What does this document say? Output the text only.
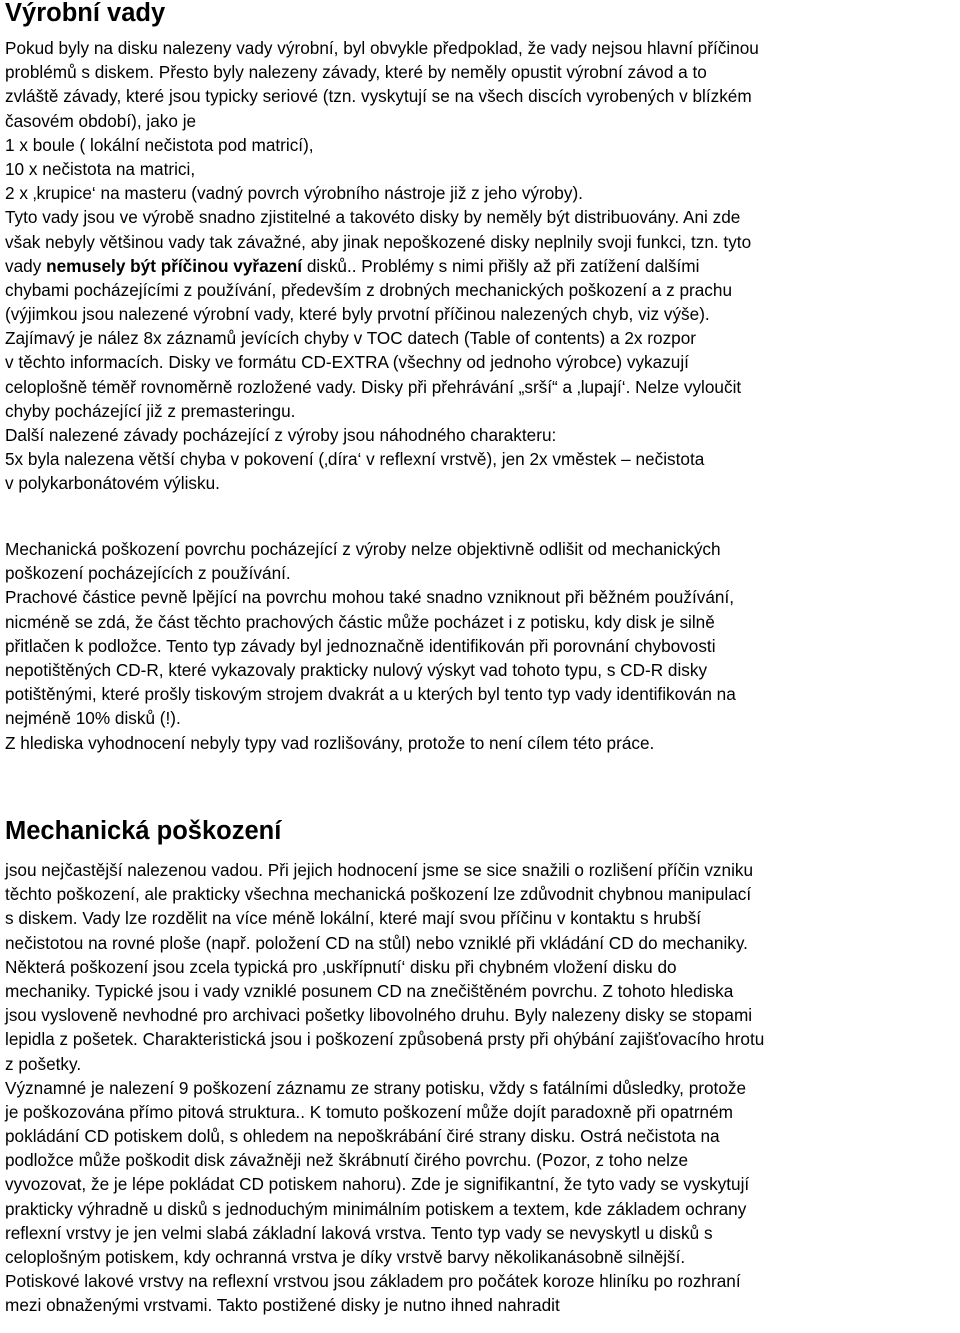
Výrobní vady
Pokud byly na disku nalezeny vady výrobní, byl obvykle předpoklad, že vady nejsou hlavní příčinou
problémů s diskem. Přesto byly nalezeny závady, které by neměly opustit výrobní závod a to
zvláště závady, které jsou typicky seriové (tzn. vyskytují se na všech discích vyrobených v blízkém
časovém období), jako je
1 x boule ( lokální nečistota pod matricí),
10 x nečistota na matrici,
2 x ‚krupice‘ na masteru (vadný povrch výrobního nástroje již z jeho výroby).
Tyto vady jsou ve výrobě snadno zjistitelné a takovéto disky by neměly být distribuovány. Ani zde
však nebyly většinou vady tak závažné, aby jinak nepoškozené disky neplnily svoji funkci, tzn. tyto
vady nemusely být příčinou vyřazení disků.. Problémy s nimi přišly až při zatížení dalšími
chybami pocházejícími z používání, především z drobných mechanických poškození a z prachu
(výjimkou jsou nalezené výrobní vady, které byly prvotní příčinou nalezených chyb, viz výše).
Zajímavý je nález 8x záznamů jevících chyby v TOC datech (Table of contents) a 2x rozpor
v těchto informacích. Disky ve formátu CD-EXTRA (všechny od jednoho výrobce) vykazují
celoplošně téměř rovnoměrně rozložené vady. Disky při přehrávání „srší“ a ‚lupají‘. Nelze vyloučit
chyby pocházející již z premasteringu.
Další nalezené závady pocházející z výroby jsou náhodného charakteru:
5x byla nalezena větší chyba v pokovení (‚díra‘ v reflexní vrstvě), jen 2x vměstek – nečistota
v polykarbonátovém výlisku.
Mechanická poškození povrchu pocházející z výroby nelze objektivně odlišit od mechanických
poškození pocházejících z používání.
Prachové částice pevně lpějící na povrchu mohou také snadno vzniknout při běžném používání,
nicméně se zdá, že část těchto prachových částic může pocházet i z potisku, kdy disk je silně
přitlačen k podložce. Tento typ závady byl jednoznačně identifikován při porovnání chybovosti
nepotištěných CD-R, které vykazovaly prakticky nulový výskyt vad tohoto typu, s CD-R disky
potištěnými, které prošly tiskovým strojem dvakrát a u kterých byl tento typ vady identifikován na
nejméně 10% disků (!).
Z hlediska vyhodnocení nebyly typy vad rozlišovány, protože to není cílem této práce.
Mechanická poškození
jsou nejčastější nalezenou vadou. Při jejich hodnocení jsme se sice snažili o rozlišení příčin vzniku
těchto poškození, ale prakticky všechna mechanická poškození lze zdůvodnit chybnou manipulací
s diskem. Vady lze rozdělit na více méně lokální, které mají svou příčinu v kontaktu s hrubší
nečistotou na rovné ploše (např. položení CD na stůl) nebo vzniklé při vkládání CD do mechaniky.
Některá poškození jsou zcela typická pro ‚uskřípnutí‘ disku při chybném vložení disku do
mechaniky. Typické jsou i vady vzniklé posunem CD na znečištěném povrchu. Z tohoto hlediska
jsou vysloveně nevhodné pro archivaci pošetky libovolného druhu. Byly nalezeny disky se stopami
lepidla z pošetek. Charakteristická jsou i poškození způsobená prsty při ohýbání zajišťovacího hrotu
z pošetky.
Významné je nalezení 9 poškození záznamu ze strany potisku, vždy s fatálními důsledky, protože
je poškozována přímo pitová struktura.. K tomuto poškození může dojít paradoxně při opatrném
pokládání CD potiskem dolů, s ohledem na nepoškrábání čiré strany disku. Ostrá nečistota na
podložce může poškodit disk závažněji než škrábnutí čirého povrchu. (Pozor, z toho nelze
vyvozovat, že je lépe pokládat CD potiskem nahoru). Zde je signifikantní, že tyto vady se vyskytují
prakticky výhradně u disků s jednoduchým minimálním potiskem a textem, kde základem ochrany
reflexní vrstvy je jen velmi slabá základní laková vrstva. Tento typ vady se nevyskytl u disků s
celoplošným potiskem, kdy ochranná vrstva je díky vrstvě barvy několikanásobně silnější.
Potiskové lakové vrstvy na reflexní vrstvou jsou základem pro počátek koroze hliníku po rozhraní
mezi obnaženými vrstvami. Takto postižené disky je nutno ihned nahradit
